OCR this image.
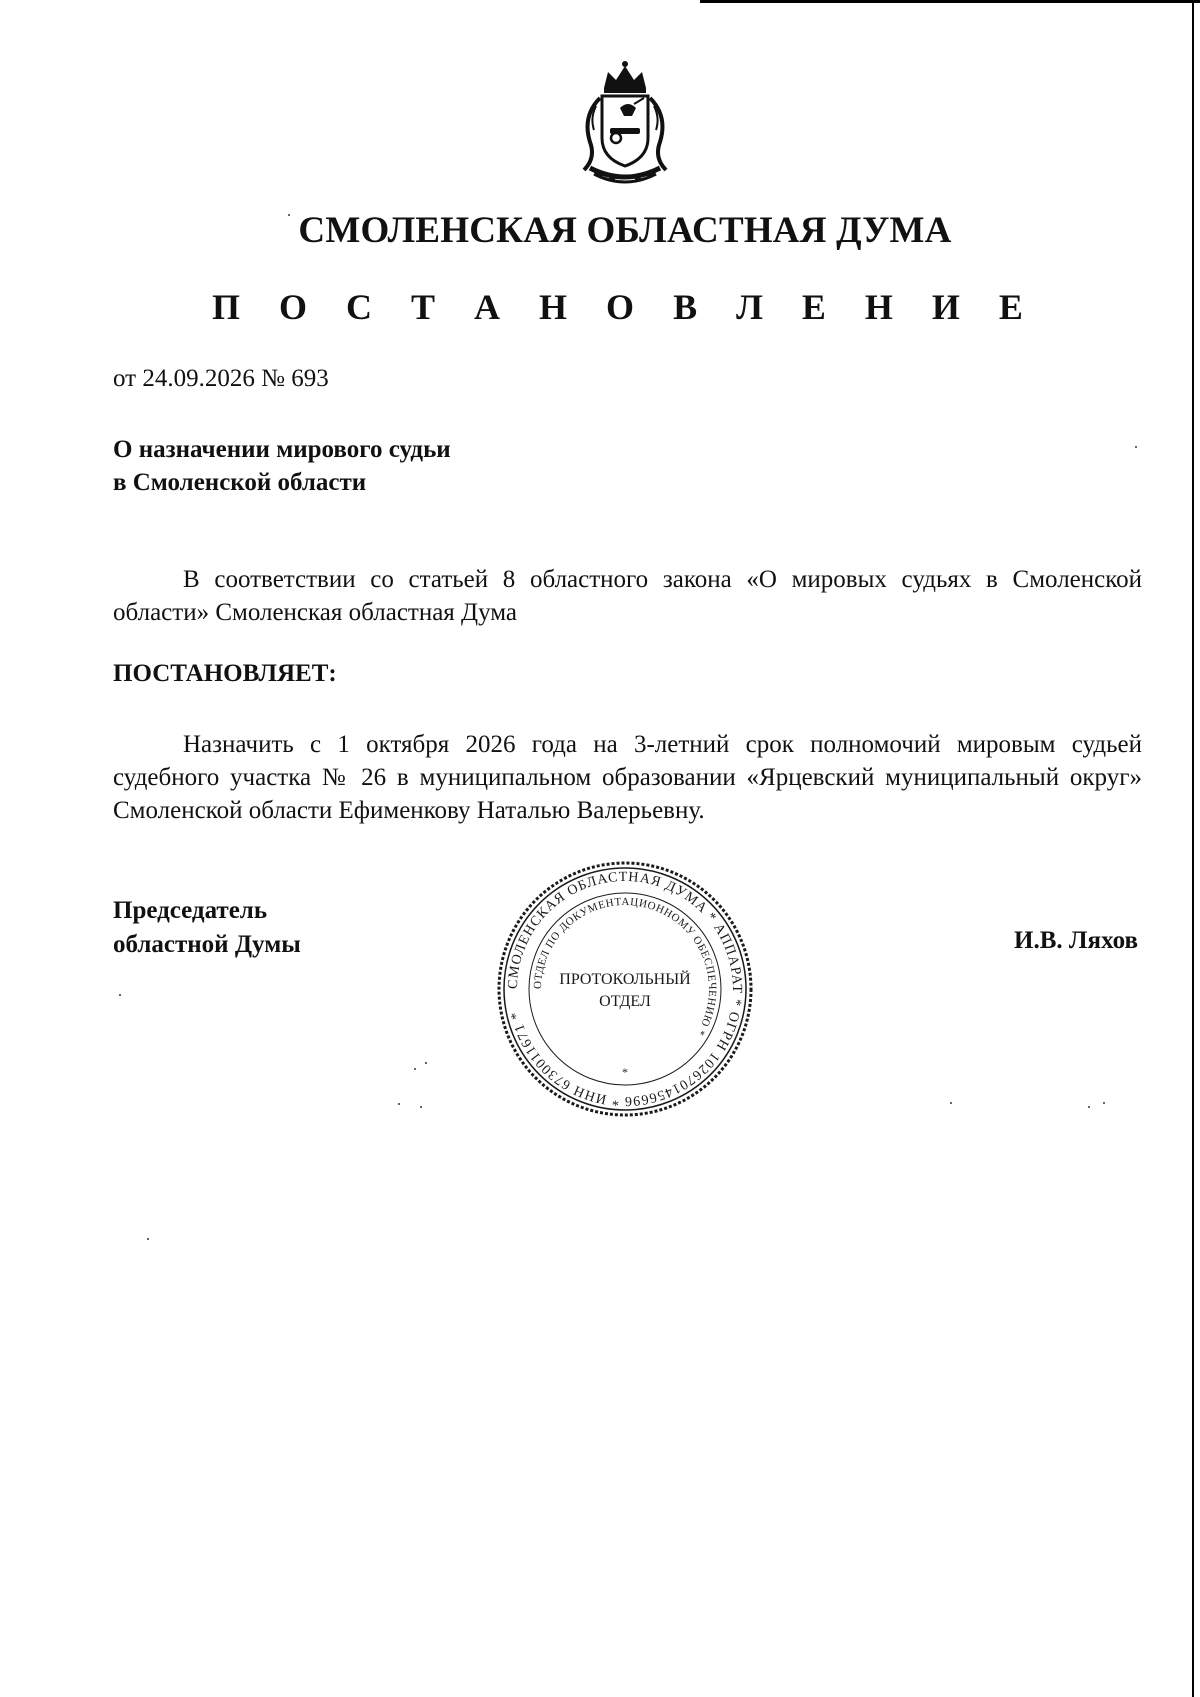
СМОЛЕНСКАЯ ОБЛАСТНАЯ ДУМА
П О С Т А Н О В Л Е Н И Е
от 24.09.2026 № 693
О назначении мирового судьи
в Смоленской области
В соответствии со статьей 8 областного закона «О мировых судьях в Смоленской области» Смоленская областная Дума
ПОСТАНОВЛЯЕТ:
Назначить с 1 октября 2026 года на 3-летний срок полномочий мировым судьей судебного участка № 26 в муниципальном образовании «Ярцевский муниципальный округ» Смоленской области Ефименкову Наталью Валерьевну.
Председатель
областной Думы	И.В. Ляхов
СМОЛЕНСКАЯ ОБЛАСТНАЯ ДУМА * АППАРАТ * ОГРН 1026701456696 * ИНН 6730011671 *
ОТДЕЛ ПО ДОКУМЕНТАЦИОННОМУ ОБЕСПЕЧЕНИЮ *
ПРОТОКОЛЬНЫЙ
ОТДЕЛ
*
